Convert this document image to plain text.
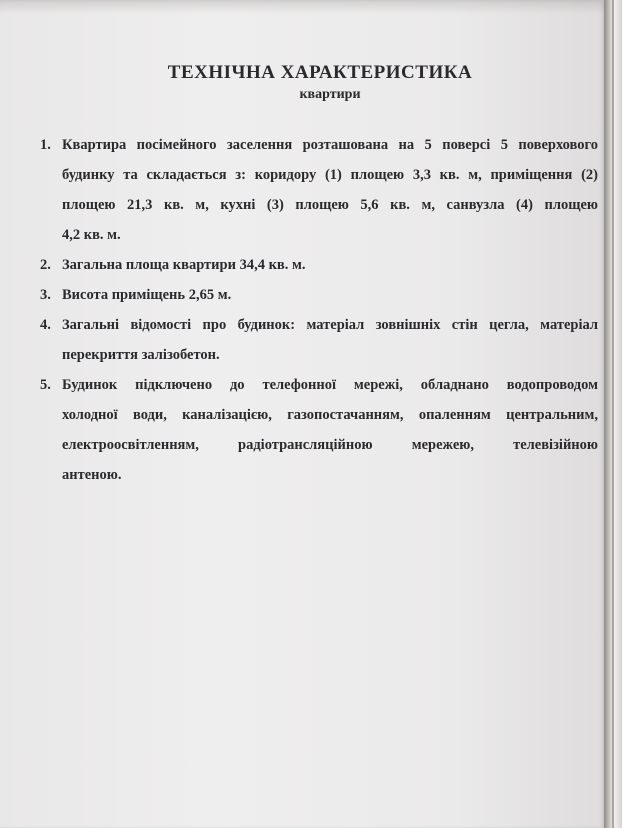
ТЕХНІЧНА ХАРАКТЕРИСТИКА
квартири
1. Квартира посімейного заселення розташована на 5 поверсі 5 поверхового
будинку та складається з: коридору (1) площею 3,3 кв. м, приміщення (2)
площею 21,3 кв. м, кухні (3) площею 5,6 кв. м, санвузла (4) площею
4,2 кв. м.
2. Загальна площа квартири 34,4 кв. м.
3. Висота приміщень 2,65 м.
4. Загальні відомості про будинок: матеріал зовнішніх стін цегла, матеріал
перекриття залізобетон.
5. Будинок підключено до телефонної мережі, обладнано водопроводом
холодної води, каналізацією, газопостачанням, опаленням центральним,
електроосвітленням, радіотрансляційною мережею, телевізійною
антеною.
